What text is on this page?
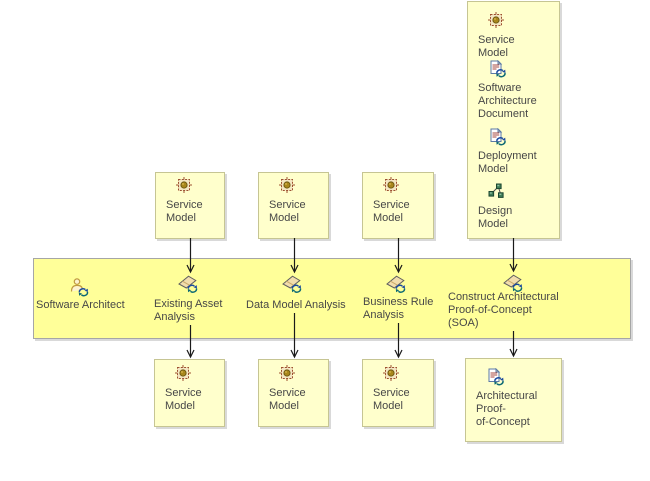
Software Architect	Existing Asset
Analysis
Data Model Analysis Business Rule
Analysis
Construct Architectural
Proof-of-Concept
(SOA)
Service
Model
Software
Architecture
Document
Deployment
Model
Design
Model
Service
Model
Service
Model
Service
Model
Service
Model
Service
Model
Service
Model
Architectural
Proof-
of-Concept
